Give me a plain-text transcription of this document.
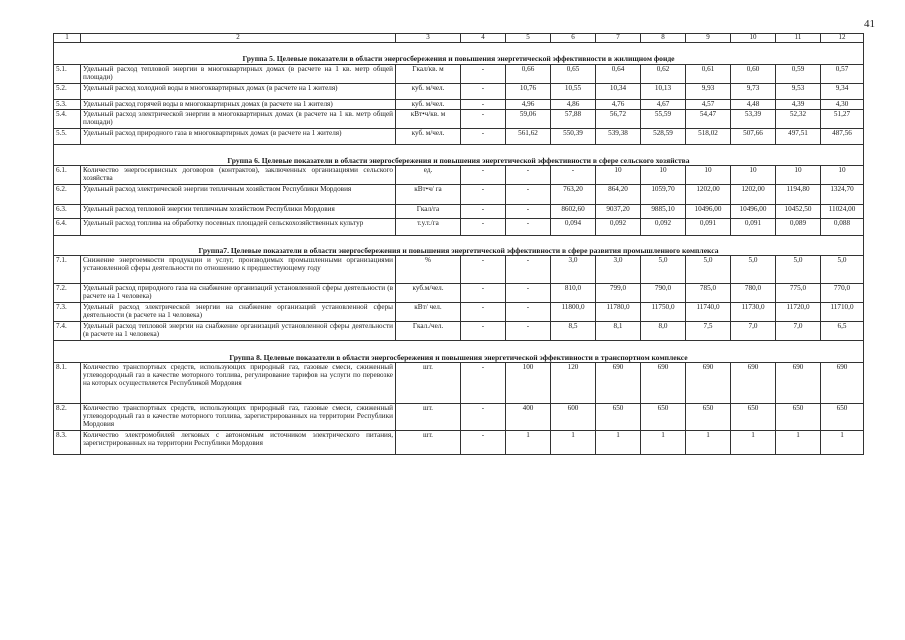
41
1	2	3	4	5	6	7	8	9	10	11	12
Группа 5. Целевые показатели в области энергосбережения и повышения энергетической эффективности в жилищном фонде											
5.1.	Удельный расход тепловой энергии в многоквартирных домах (в расчете на 1 кв. метр общей площади)	Гкал/кв. м	-	0,66	0,65	0,64	0,62	0,61	0,60	0,59	0,57
5.2.	Удельный расход холодной воды в многоквартирных домах (в расчете на 1 жителя)	куб. м/чел.	-	10,76	10,55	10,34	10,13	9,93	9,73	9,53	9,34
5.3.	Удельный расход горячей воды в многоквартирных домах (в расчете на 1 жителя)	куб. м/чел.	-	4,96	4,86	4,76	4,67	4,57	4,48	4,39	4,30
5.4.	Удельный расход электрической энергии в многоквартирных домах (в расчете на 1 кв. метр общей площади)	кВт•ч/кв. м	-	59,06	57,88	56,72	55,59	54,47	53,39	52,32	51,27
5.5.	Удельный расход природного газа в многоквартирных домах (в расчете на 1 жителя)	куб. м/чел.	-	561,62	550,39	539,38	528,59	518,02	507,66	497,51	487,56
Группа 6. Целевые показатели в области энергосбережения и повышения энергетической эффективности в сфере сельского хозяйства											
6.1.	Количество энергосервисных договоров (контрактов), заключенных организациями сельского хозяйства	ед.	-	-	-	10	10	10	10	10	10
6.2.	Удельный расход электрической энергии тепличным хозяйством Республики Мордовия	кВт•ч/ га	-	-	763,20	864,20	1059,70	1202,00	1202,00	1194,80	1324,70
6.3.	Удельный расход тепловой энергии тепличным хозяйством Республики Мордовия	Гкал/га	-	-	8602,60	9037,20	9885,10	10496,00	10496,00	10452,50	11024,00
6.4.	Удельный расход топлива на обработку посевных площадей сельскохозяйственных культур	т.у.т./га	-	-	0,094	0,092	0,092	0,091	0,091	0,089	0,088
Группа7. Целевые показатели в области энергосбережения и повышения энергетической эффективности в сфере развития промышленного комплекса											
7.1.	Снижение энергоемкости продукции и услуг, производимых промышленными организациями установленной сферы деятельности по отношению к предшествующему году	%	-	-	3,0	3,0	5,0	5,0	5,0	5,0	5,0
7.2.	Удельный расход природного газа на снабжение организаций установленной сферы деятельности (в расчете на 1 человека)	куб.м/чел.	-	-	810,0	799,0	790,0	785,0	780,0	775,0	770,0
7.3.	Удельный расход электрической энергии на снабжение организаций установленной сферы деятельности (в расчете на 1 человека)	кВт/ чел.	-	-	11800,0	11780,0	11750,0	11740,0	11730,0	11720,0	11710,0
7.4.	Удельный расход тепловой энергии на снабжение организаций установленной сферы деятельности (в расчете на 1 человека)	Гкал./чел.	-	-	8,5	8,1	8,0	7,5	7,0	7,0	6,5
Группа 8. Целевые показатели в области энергосбережения и повышения энергетической эффективности в транспортном комплексе											
8.1.	Количество транспортных средств, использующих природный газ, газовые смеси, сжиженный углеводородный газ в качестве моторного топлива, регулирование тарифов на услуги по перевозке на которых осуществляется Республикой Мордовия	шт.	-	100	120	690	690	690	690	690	690
8.2.	Количество транспортных средств, использующих природный газ, газовые смеси, сжиженный углеводородный газ в качестве моторного топлива, зарегистрированных на территории Республики Мордовия	шт.	-	400	600	650	650	650	650	650	650
8.3.	Количество электромобилей легковых с автономным источником электрического питания, зарегистрированных на территории Республики Мордовия	шт.	-	1	1	1	1	1	1	1	1
